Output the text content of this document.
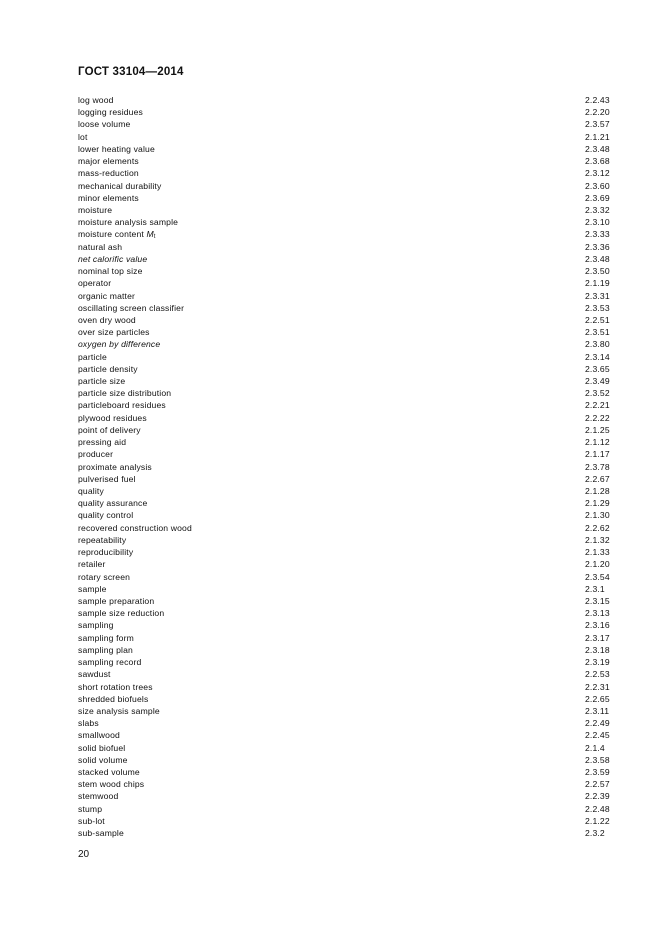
ГОСТ 33104—2014
log wood	2.2.43
logging residues	2.2.20
loose volume	2.3.57
lot	2.1.21
lower heating value	2.3.48
major elements	2.3.68
mass-reduction	2.3.12
mechanical durability	2.3.60
minor elements	2.3.69
moisture	2.3.32
moisture analysis sample	2.3.10
moisture content $M_t$	2.3.33
natural ash	2.3.36
net calorific value	2.3.48
nominal top size	2.3.50
operator	2.1.19
organic matter	2.3.31
oscillating screen classifier	2.3.53
oven dry wood	2.2.51
over size particles	2.3.51
oxygen by difference	2.3.80
particle	2.3.14
particle density	2.3.65
particle size	2.3.49
particle size distribution	2.3.52
particleboard residues	2.2.21
plywood residues	2.2.22
point of delivery	2.1.25
pressing aid	2.1.12
producer	2.1.17
proximate analysis	2.3.78
pulverised fuel	2.2.67
quality	2.1.28
quality assurance	2.1.29
quality control	2.1.30
recovered construction wood	2.2.62
repeatability	2.1.32
reproducibility	2.1.33
retailer	2.1.20
rotary screen	2.3.54
sample	2.3.1
sample preparation	2.3.15
sample size reduction	2.3.13
sampling	2.3.16
sampling form	2.3.17
sampling plan	2.3.18
sampling record	2.3.19
sawdust	2.2.53
short rotation trees	2.2.31
shredded biofuels	2.2.65
size analysis sample	2.3.11
slabs	2.2.49
smallwood	2.2.45
solid biofuel	2.1.4
solid volume	2.3.58
stacked volume	2.3.59
stem wood chips	2.2.57
stemwood	2.2.39
stump	2.2.48
sub-lot	2.1.22
sub-sample	2.3.2
20
